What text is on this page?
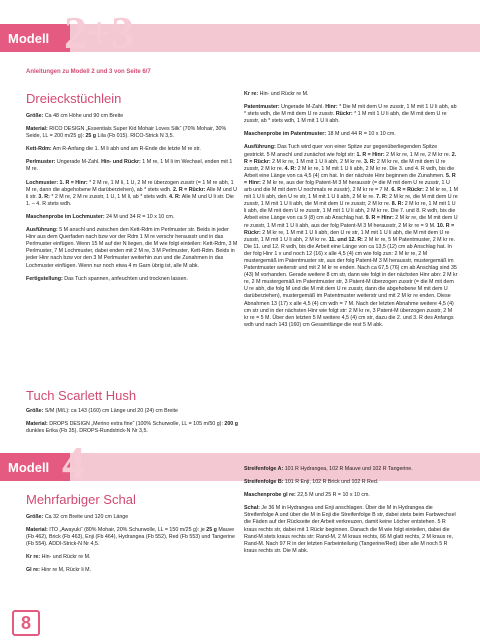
Modell 2+3
Anleitungen zu Modell 2 und 3 von Seite 6/7
Dreieckstüchlein

Größe: Ca 48 cm Höhe und 90 cm Breite

Material: RICO DESIGN „Essentials Super Kid Mohair Loves Silk“ (70% Mohair, 30% Seide, LL = 200 m/25 g): 25 g Lila (Fb 015). RICO-Strick N 3,5.

Kett-Rdm: Am R-Anfang die 1. M li abh und am R-Ende die letzte M re str.

Perlmuster: Ungerade M-Zahl. Hin- und Rückr: 1 M re, 1 M li im Wechsel, enden mit 1 M re.

Lochmuster: 1. R = Hinr: * 2 M re, 1 M li, 1 U, 2 M re überzogen zusstr (= 1 M re abh, 1 M re, dann die abgehobene M darüberziehen), ab * stets wdh. 2. R = Rückr: Alle M und U li str. 3. R: * 2 M re, 2 M re zusstr, 1 U, 1 M li, ab * stets wdh. 4. R: Alle M und U li str. Die 1. – 4. R stets wdh.

Maschenprobe im Lochmuster: 24 M und 34 R = 10 x 10 cm.

Ausführung: 5 M anschl und zwischen den Kett-Rdm im Perlmuster str. Beids in jeder Hinr aus dem Querfaden nach bzw vor der Rdm 1 M re verschr herausstr und in das Perlmuster einfügen. Wenn 15 M auf der N liegen, die M wie folgt einteilen: Kett-Rdm, 3 M Perlmuster, 7 M Lochmuster, dabei enden mit 2 M re, 3 M Perlmuster, Kett-Rdm. Beids in jeder Hinr nach bzw vor den 3 M Perlmuster weiterhin zun und die Zunahmen in das Lochmuster einfügen. Wenn nur noch etwa 4 m Garn übrig ist, alle M abk.

Fertigstellung: Das Tuch spannen, anfeuchten und trocknen lassen.

Tuch Scarlett Hush

Größe: S/M (M/L): ca 143 (160) cm Länge und 20 (24) cm Breite

Material: DROPS DESIGN „Merino extra fine“ (100% Schurwolle, LL = 105 m/50 g): 200 g dunkles Erika (Fb 35). DROPS-Rundstrick-N Nr 3,5.

Kr re: Hin- und Rückr re M.

Patentmuster: Ungerade M-Zahl. Hinr: * Die M mit dem U re zusstr, 1 M mit 1 U li abh, ab * stets wdh, die M mit dem U re zusstr. Rückr: * 1 M mit 1 U li abh, die M mit dem U re zusstr, ab * stets wdh, 1 M mit 1 U li abh.

Maschenprobe im Patentmuster: 18 M und 44 R = 10 x 10 cm.

Ausführung: Das Tuch wird quer von einer Spitze zur gegenüberliegenden Spitze gestrickt. 5 M anschl und zunächst wie folgt str: 1. R = Hinr: 2 M kr re, 1 M re, 2 M kr re. 2. R = Rückr: 2 M kr re, 1 M mit 1 U li abh, 2 M kr re. 3. R: 2 M kr re, die M mit dem U re zusstr, 2 M kr re. 4. R: 2 M kr re, 1 M mit 1 U li abh, 2 M kr re. Die 3. und 4. R wdh, bis die Arbeit eine Länge von ca 4,5 (4) cm hat. In der nächste Hinr beginnen die Zunahmen. 5. R = Hinr: 2 M kr re, aus der folg Patent-M 3 M herausstr (= die M mit dem U re zusstr, 1 U arb und die M mit dem U nochmals re zusstr), 2 M kr re = 7 M. 6. R = Rückr: 2 M kr re, 1 M mit 1 U li abh, den U re str, 1 M mit 1 U li abh, 2 M kr re. 7. R: 2 M kr re, die M mit dem U re zusstr, 1 M mit 1 U li abh, die M mit dem U re zusstr, 2 M kr re. 8. R: 2 M kr re, 1 M mit 1 U li abh, die M mit dem U re zusstr, 1 M mit 1 U li abh, 2 M kr re. Die 7. und 8. R wdh, bis die Arbeit eine Länge von ca 9 (8) cm ab Anschlag hat. 9. R = Hinr: 2 M kr re, die M mit dem U re zusstr, 1 M mit 1 U li abh, aus der folg Patent-M 3 M herausstr, 2 M kr re = 9 M. 10. R = Rückr: 2 M kr re, 1 M mit 1 U li abh, den U re str, 1 M mit 1 U li abh, die M mit dem U re zusstr, 1 M mit 1 U li abh, 2 M kr re. 11. und 12. R: 2 M kr re, 5 M Patentmuster, 2 M kr re. Die 11. und 12. R wdh, bis die Arbeit eine Länge von ca 13,5 (12) cm ab Anschlag hat. In der folg Hinr 1 x und noch 12 (16) x alle 4,5 (4) cm wie folg zun: 2 M kr re, 2 M mustergemäß im Patentmuster str, aus der folg Patent-M 3 M herausstr, mustergemäß im Patentmuster weiterstr und mit 2 M kr re enden. Nach ca 67,5 (76) cm ab Anschlag sind 35 (43) M vorhanden. Gerade weitere 8 cm str, dann wie folgt in der nächsten Hinr abn: 2 M kr re, 2 M mustergemäß im Patentmuster str, 3 Patent-M überzogen zusstr (= die M mit dem U re abh, die folg M und die M mit dem U re zusstr, dann die abgehobene M mit dem U darüberziehen), mustergemäß im Patentmuster weiterstr und mit 2 M kr re enden. Diese Abnahmen 13 (17) x alle 4,5 (4) cm wdh = 7 M. Nach der letzten Abnahme weitere 4,5 (4) cm str und in der nächsten Hinr wie folgt str: 2 M kr re, 3 Patent-M überzogen zusstr, 2 M kr re = 5 M. Über den letzten 5 M weitere 4,5 (4) cm str, dazu die 2. und 3. R des Anfangs wdh und nach 143 (160) cm Gesamtlänge die rest 5 M abk.

Modell 4
Mehrfarbiger Schal

Größe: Ca 32 cm Breite und 120 cm Länge

Material: ITO „Awayuki“ (80% Mohair, 20% Schurwolle, LL = 150 m/25 g): je 25 g Mauve (Fb 462), Brick (Fb 463), Enji (Fb 464), Hydrangea (Fb 552), Red (Fb 553) und Tangerine (Fb 554). ADDI-Strick-N Nr 4,5.

Kr re: Hin- und Rückr re M.

Gl re: Hinr re M, Rückr li M.

Streifenfolge A: 101 R Hydrangea, 102 R Mauve und 102 R Tangerine.

Streifenfolge B: 101 R Enji, 102 R Brick und 102 R Red.

Maschenprobe gl re: 22,5 M und 25 R = 10 x 10 cm.

Schal: Je 36 M in Hydrangea und Enji anschlagen. Über die M in Hydrangea die Streifenfolge A und über die M in Enji die Streifenfolge B str, dabei stets beim Farbwechsel die Fäden auf der Rückseite der Arbeit verkreuzen, damit keine Löcher entstehen. 5 R kraus rechts str, dabei mit 1 Rückr beginnen. Danach die M wie folgt einteilen, dabei die Rand-M stets kraus rechts str: Rand-M, 2 M kraus rechts, 66 M glatt rechts, 2 M kraus re, Rand-M. Nach 97 R in der letzten Farbeinteilung (Tangerine/Red) über alle M noch 5 R kraus rechts str. Die M abk.

8
